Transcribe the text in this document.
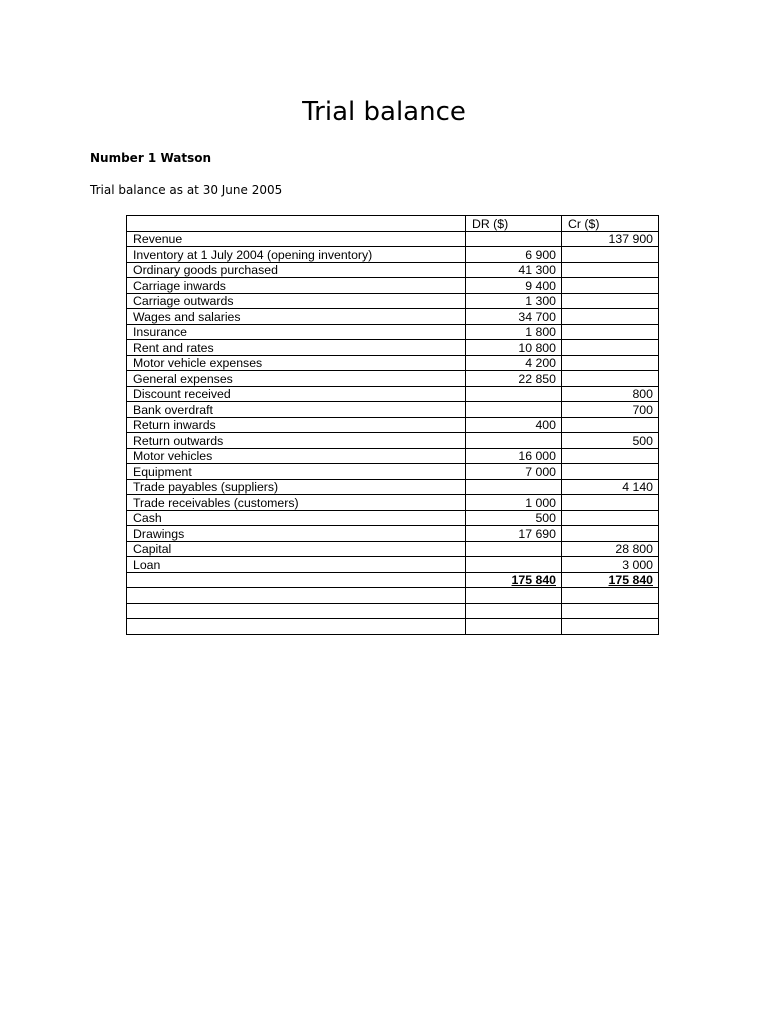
Trial balance
Number 1 Watson
Trial balance as at 30 June 2005
	DR ($)	Cr ($)
Revenue		137 900
Inventory at 1 July 2004 (opening inventory)	6 900	
Ordinary goods purchased	41 300	
Carriage inwards	9 400	
Carriage outwards	1 300	
Wages and salaries	34 700	
Insurance	1 800	
Rent and rates	10 800	
Motor vehicle expenses	4 200	
General expenses	22 850	
Discount received		800
Bank overdraft		700
Return inwards	400	
Return outwards		500
Motor vehicles	16 000	
Equipment	7 000	
Trade payables (suppliers)		4 140
Trade receivables (customers)	1 000	
Cash	500	
Drawings	17 690	
Capital		28 800
Loan		3 000
	175 840	175 840
